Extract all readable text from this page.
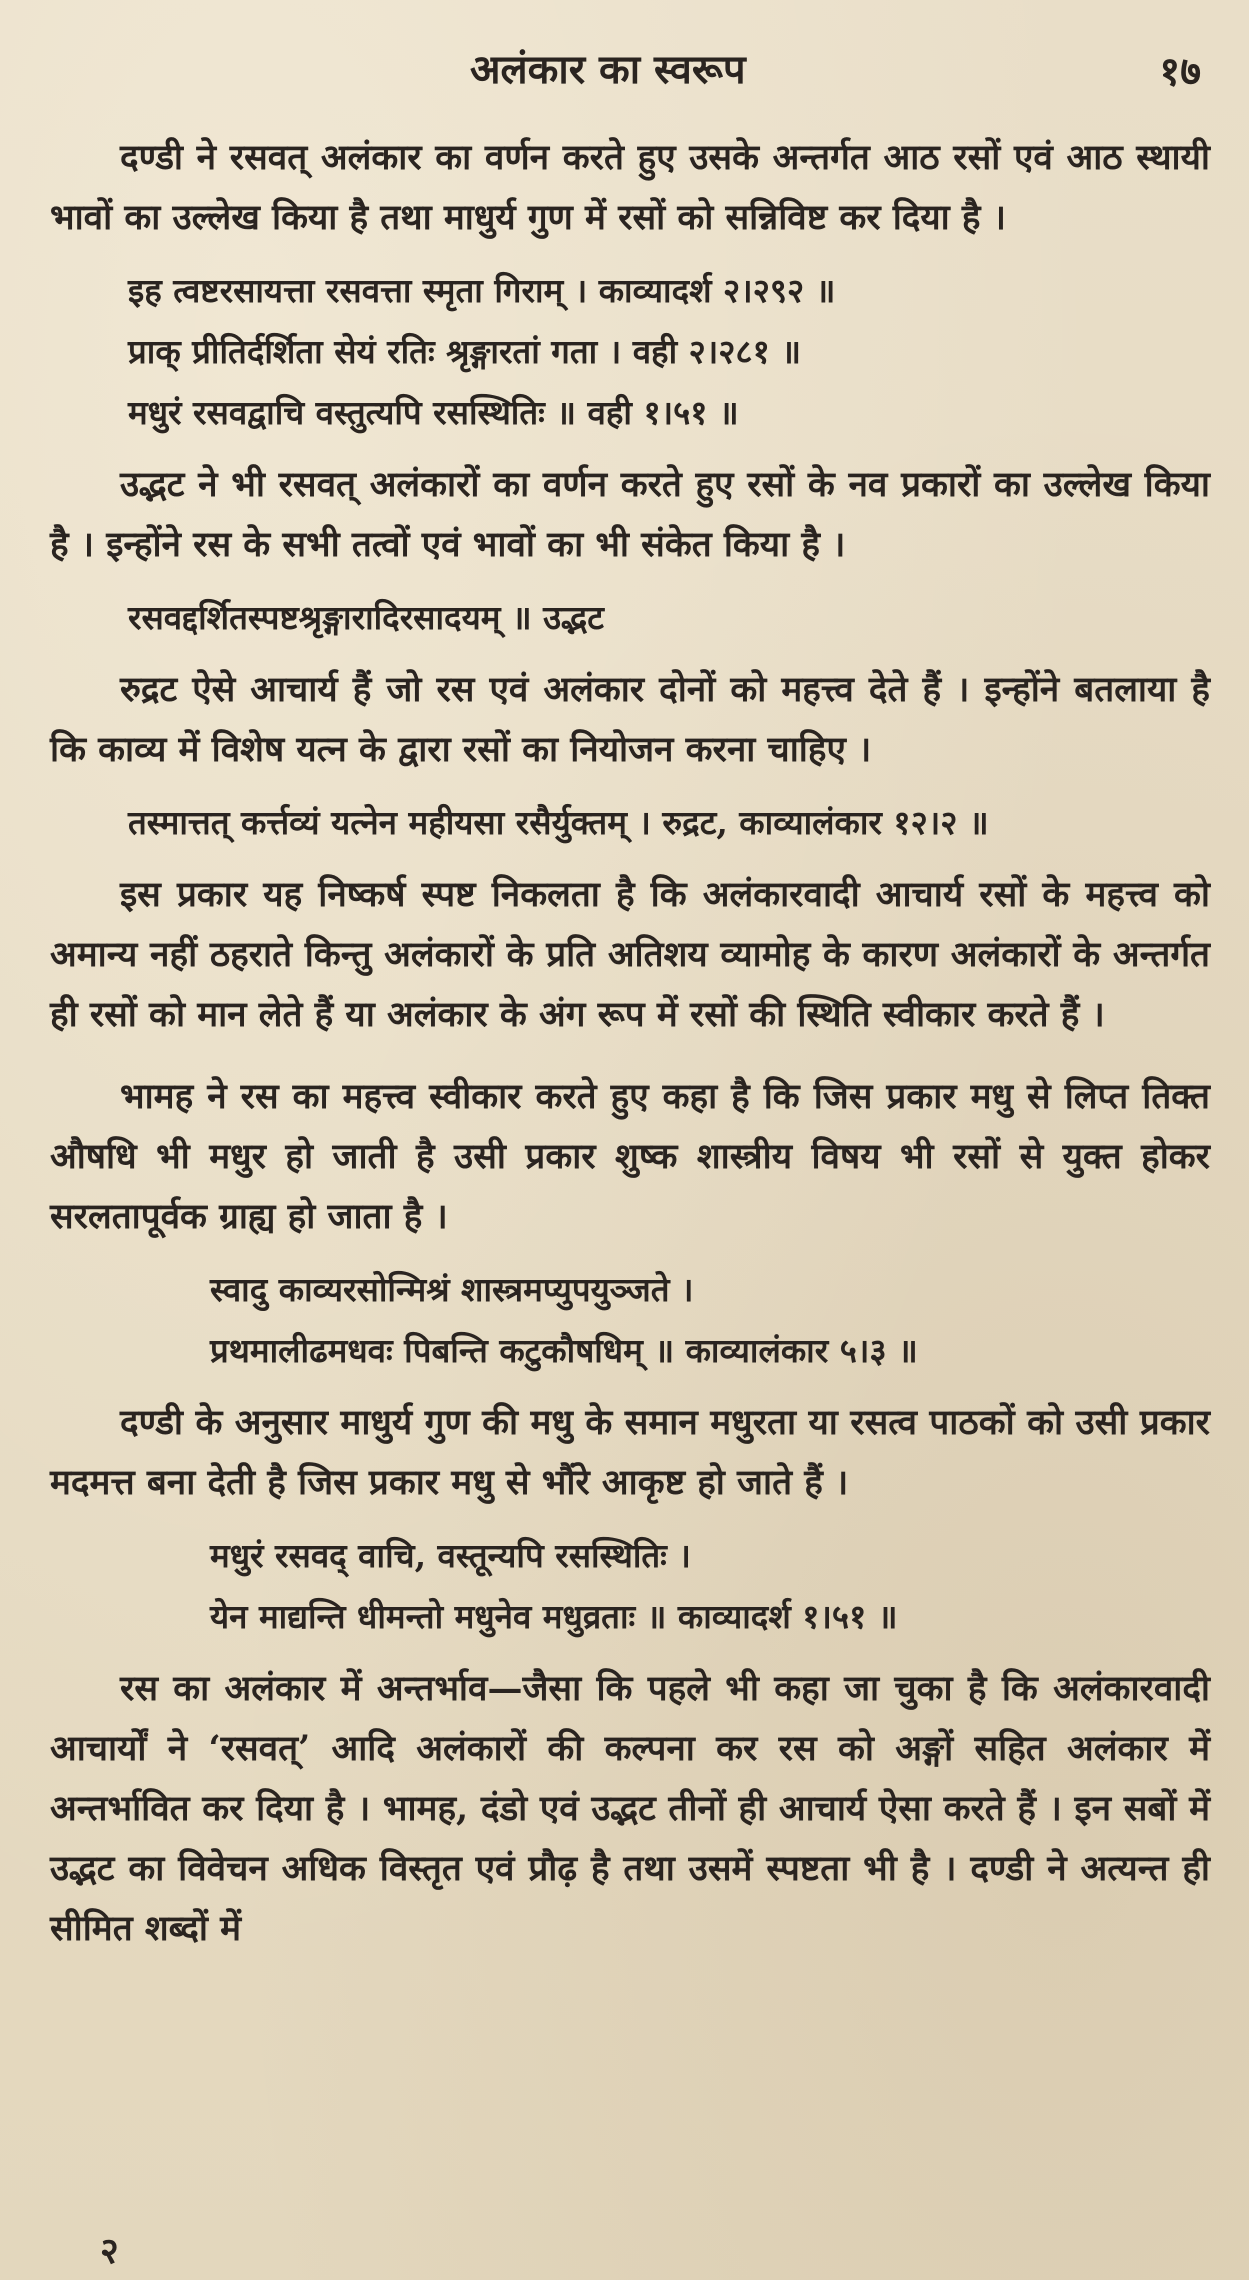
अलंकार का स्वरूप	१७

दण्डी ने रसवत् अलंकार का वर्णन करते हुए उसके अन्तर्गत आठ रसों एवं आठ स्थायी भावों का उल्लेख किया है तथा माधुर्य गुण में रसों को सन्निविष्ट कर दिया है ।

इह त्वष्टरसायत्ता रसवत्ता स्मृता गिराम् । काव्यादर्श २।२९२ ॥

प्राक् प्रीतिर्दर्शिता सेयं रतिः श्रृङ्गारतां गता । वही २।२८१ ॥

मधुरं रसवद्वाचि वस्तुत्यपि रसस्थितिः ॥ वही १।५१ ॥

उद्भट ने भी रसवत् अलंकारों का वर्णन करते हुए रसों के नव प्रकारों का उल्लेख किया है । इन्होंने रस के सभी तत्वों एवं भावों का भी संकेत किया है ।

रसवद्दर्शितस्पष्टश्रृङ्गारादिरसादयम् ॥ उद्भट

रुद्रट ऐसे आचार्य हैं जो रस एवं अलंकार दोनों को महत्त्व देते हैं । इन्होंने बतलाया है कि काव्य में विशेष यत्न के द्वारा रसों का नियोजन करना चाहिए ।

तस्मात्तत् कर्त्तव्यं यत्नेन महीयसा रसैर्युक्तम् । रुद्रट, काव्यालंकार १२।२ ॥

इस प्रकार यह निष्कर्ष स्पष्ट निकलता है कि अलंकारवादी आचार्य रसों के महत्त्व को अमान्य नहीं ठहराते किन्तु अलंकारों के प्रति अतिशय व्यामोह के कारण अलंकारों के अन्तर्गत ही रसों को मान लेते हैं या अलंकार के अंग रूप में रसों की स्थिति स्वीकार करते हैं ।

भामह ने रस का महत्त्व स्वीकार करते हुए कहा है कि जिस प्रकार मधु से लिप्त तिक्त औषधि भी मधुर हो जाती है उसी प्रकार शुष्क शास्त्रीय विषय भी रसों से युक्त होकर सरलतापूर्वक ग्राह्य हो जाता है ।

स्वादु काव्यरसोन्मिश्रं शास्त्रमप्युपयुञ्जते ।

प्रथमालीढमधवः पिबन्ति कटुकौषधिम् ॥ काव्यालंकार ५।३ ॥

दण्डी के अनुसार माधुर्य गुण की मधु के समान मधुरता या रसत्व पाठकों को उसी प्रकार मदमत्त बना देती है जिस प्रकार मधु से भौंरे आकृष्ट हो जाते हैं ।

मधुरं रसवद् वाचि, वस्तून्यपि रसस्थितिः ।

येन माद्यन्ति धीमन्तो मधुनेव मधुव्रताः ॥ काव्यादर्श १।५१ ॥

रस का अलंकार में अन्तर्भाव—जैसा कि पहले भी कहा जा चुका है कि अलंकारवादी आचार्यों ने ‘रसवत्’ आदि अलंकारों की कल्पना कर रस को अङ्गों सहित अलंकार में अन्तर्भावित कर दिया है । भामह, दंडो एवं उद्भट तीनों ही आचार्य ऐसा करते हैं । इन सबों में उद्भट का विवेचन अधिक विस्तृत एवं प्रौढ़ है तथा उसमें स्पष्टता भी है । दण्डी ने अत्यन्त ही सीमित शब्दों में

२
